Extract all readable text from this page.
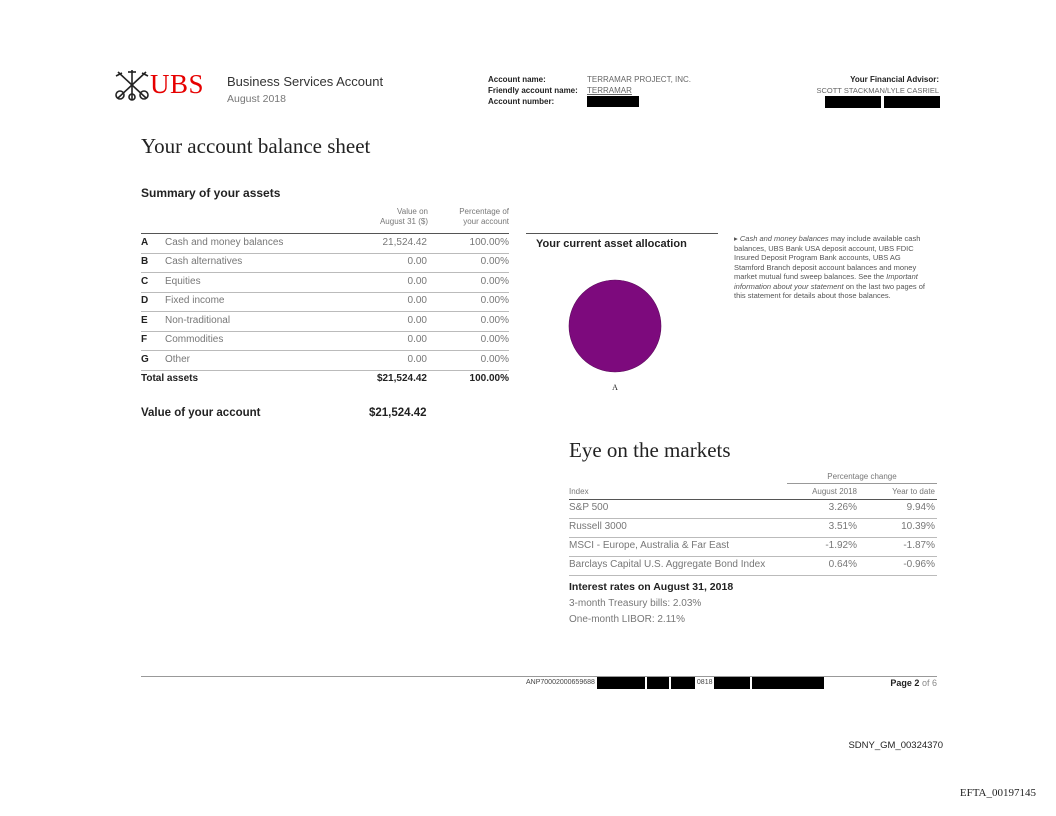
UBS Business Services Account
August 2018
Account name:	TERRAMAR PROJECT, INC.
Friendly account name: TERRAMAR
Account number:
Your Financial Advisor:
SCOTT STACKMAN/LYLE CASRIEL
Your account balance sheet
Summary of your assets
Value on
August 31 ($)
Percentage of
your account
A Cash and money balances	21,524.42	100.00%
B Cash alternatives	0.00	0.00%
C Equities	0.00	0.00%
D Fixed income	0.00	0.00%
E Non-traditional	0.00	0.00%
F Commodities	0.00	0.00%
G Other	0.00	0.00%
Total assets	$21,524.42	100.00%
Value of your account	$21,524.42
Your current asset allocation
A
▸ Cash and money balances may include available cash balances, UBS Bank USA deposit account, UBS FDIC Insured Deposit Program Bank accounts, UBS AG Stamford Branch deposit account balances and money market mutual fund sweep balances. See the Important information about your statement on the last two pages of this statement for details about those balances.
Eye on the markets
Percentage change
Index	August 2018	Year to date
S&P 500	3.26%	9.94%
Russell 3000	3.51%	10.39%
MSCI - Europe, Australia & Far East	-1.92%	-1.87%
Barclays Capital U.S. Aggregate Bond Index	0.64%	-0.96%
Interest rates on August 31, 2018
3-month Treasury bills: 2.03%
One-month LIBOR: 2.11%
ANP70002000659688	0818	Page 2 of 6
SDNY_GM_00324370
EFTA_00197145
